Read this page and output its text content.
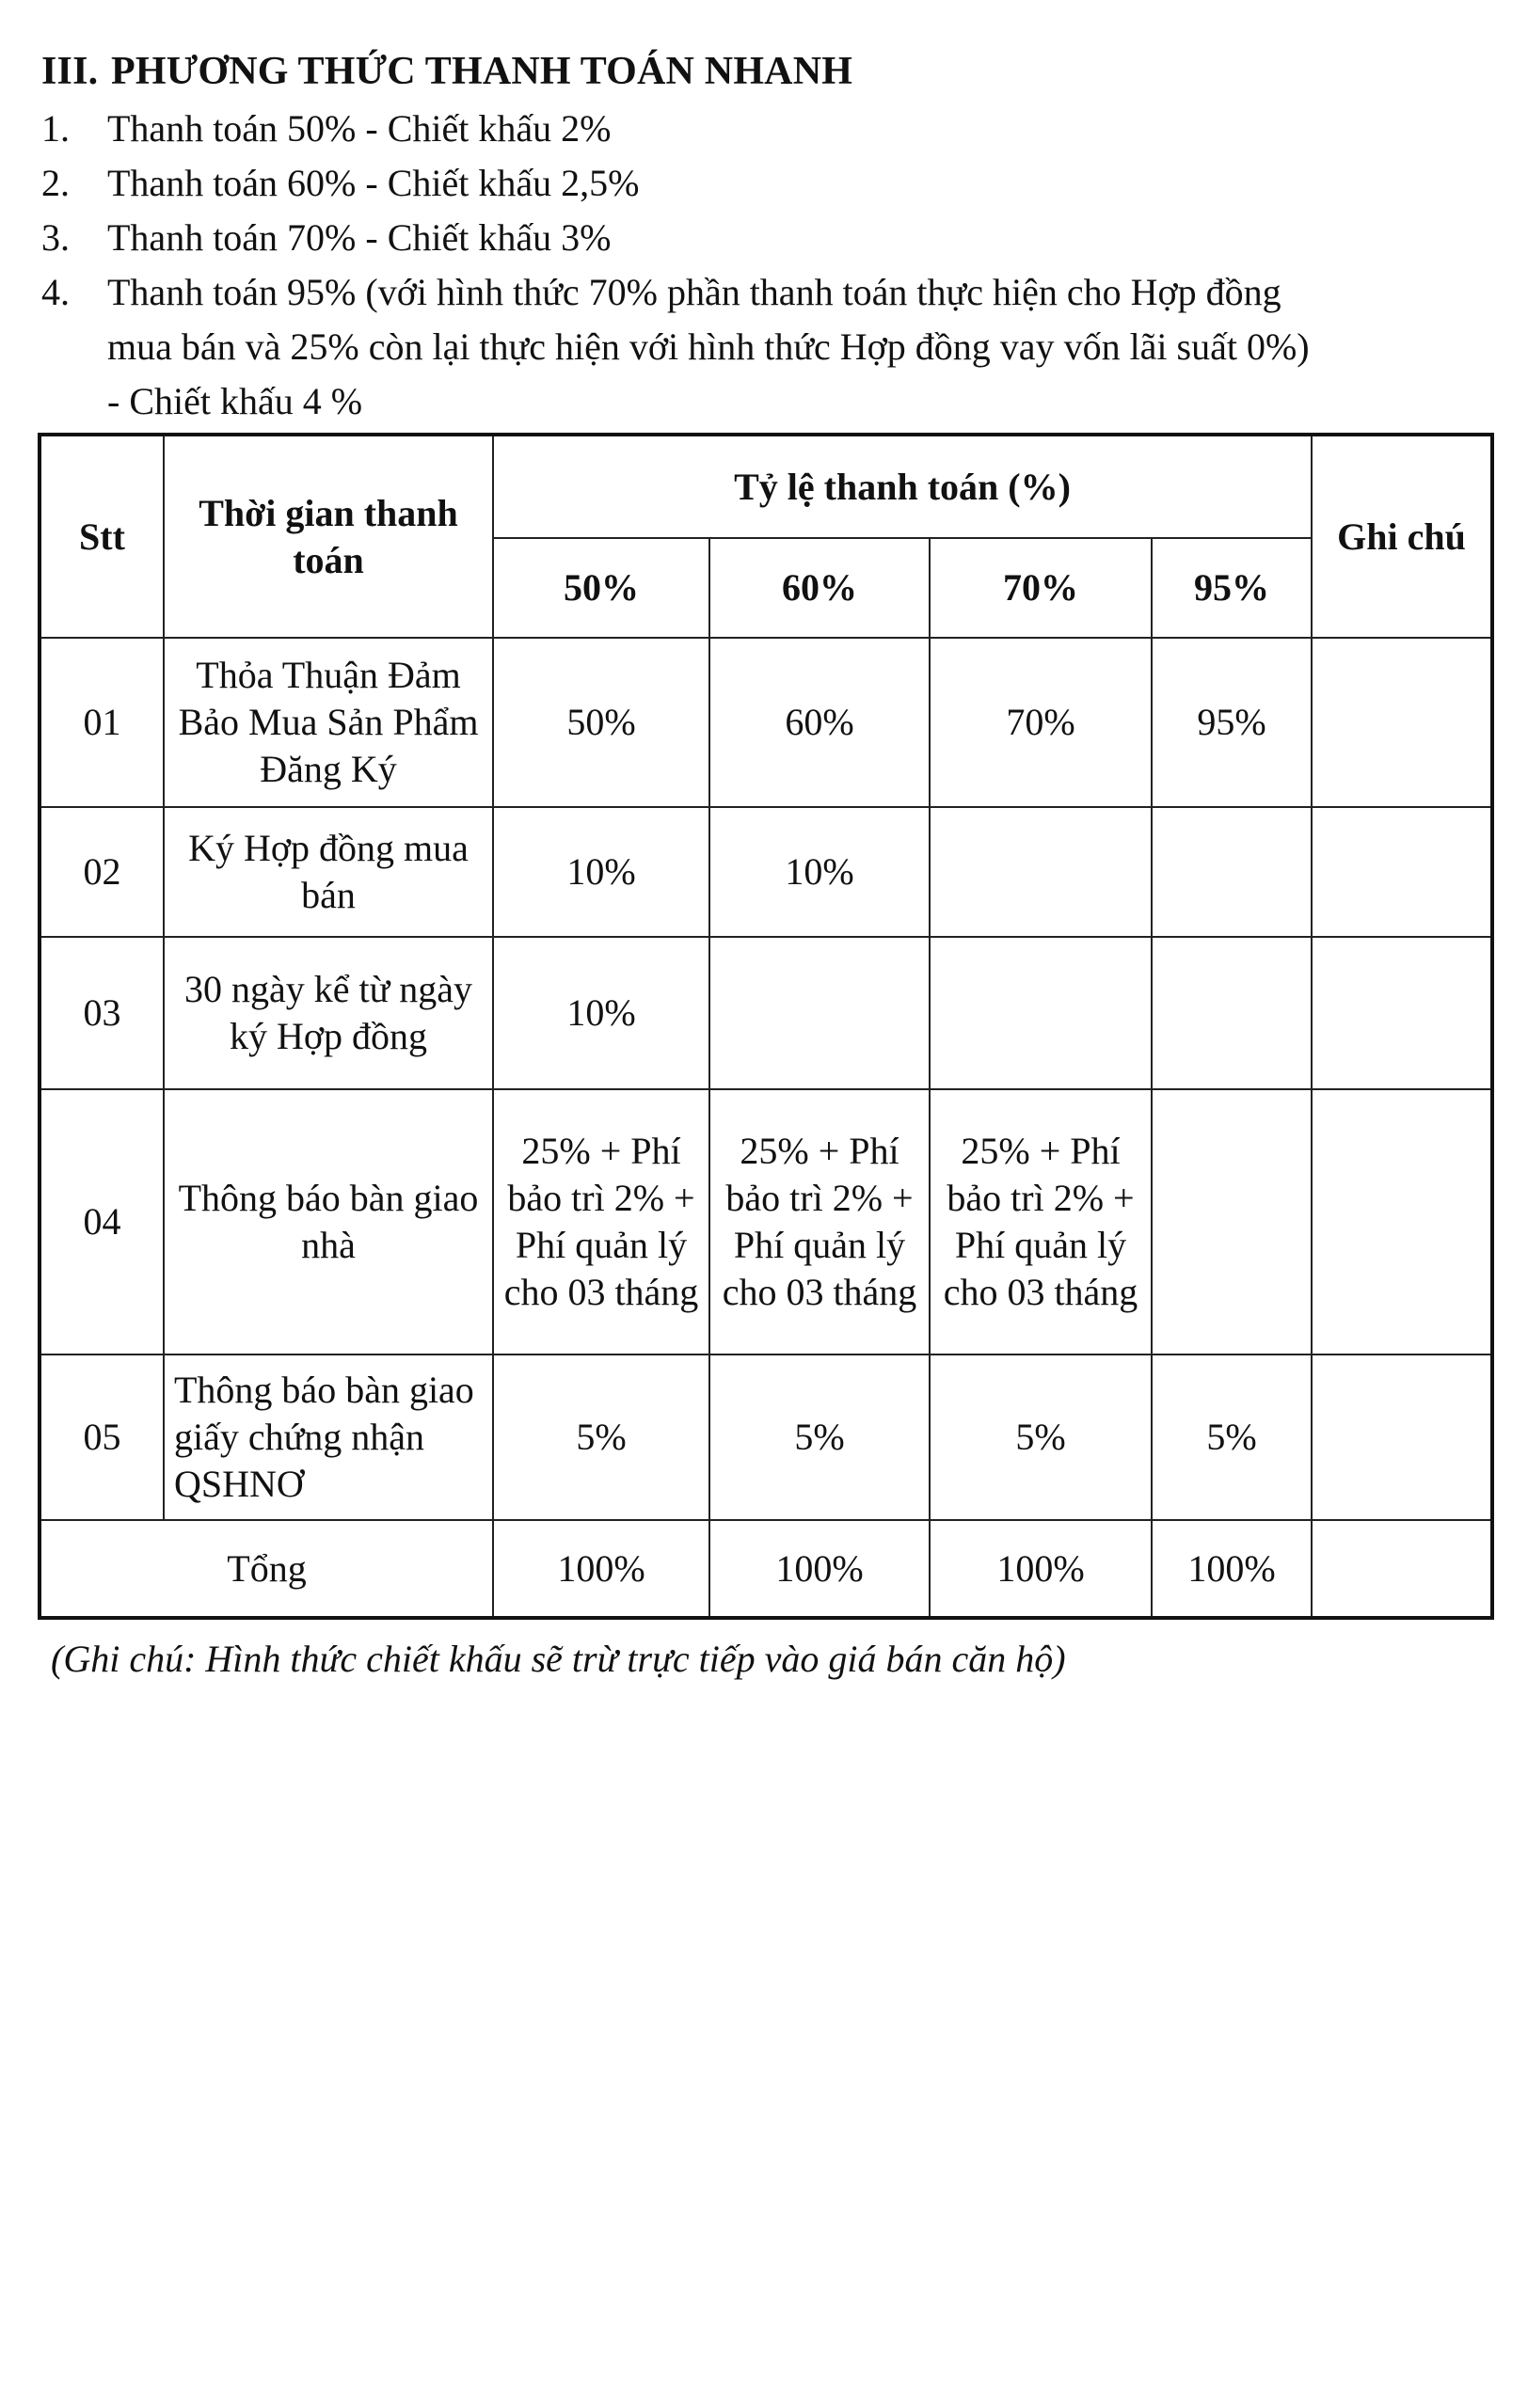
III. PHƯƠNG THỨC THANH TOÁN NHANH
1.	Thanh toán 50% - Chiết khấu 2%
2.	Thanh toán 60% - Chiết khấu 2,5%
3.	Thanh toán 70% - Chiết khấu 3%
4.	Thanh toán 95% (với hình thức 70% phần thanh toán thực hiện cho Hợp đồng
mua bán và 25% còn lại thực hiện với hình thức Hợp đồng vay vốn lãi suất 0%)
- Chiết khấu 4 %
Stt	Thời gian thanh toán	Tỷ lệ thanh toán (%)				Ghi chú
		50%	60%	70%	95%	
01	Thỏa Thuận Đảm Bảo Mua Sản Phẩm Đăng Ký	50%	60%	70%	95%	
02	Ký Hợp đồng mua bán	10%	10%			
03	30 ngày kể từ ngày ký Hợp đồng	10%				
04	Thông báo bàn giao nhà	25% + Phí bảo trì 2% + Phí quản lý cho 03 tháng	25% + Phí bảo trì 2% + Phí quản lý cho 03 tháng	25% + Phí bảo trì 2% + Phí quản lý cho 03 tháng		
05	Thông báo bàn giao giấy chứng nhận QSHNƠ	5%	5%	5%	5%	
Tổng		100%	100%	100%	100%	
(Ghi chú: Hình thức chiết khấu sẽ trừ trực tiếp vào giá bán căn hộ)
